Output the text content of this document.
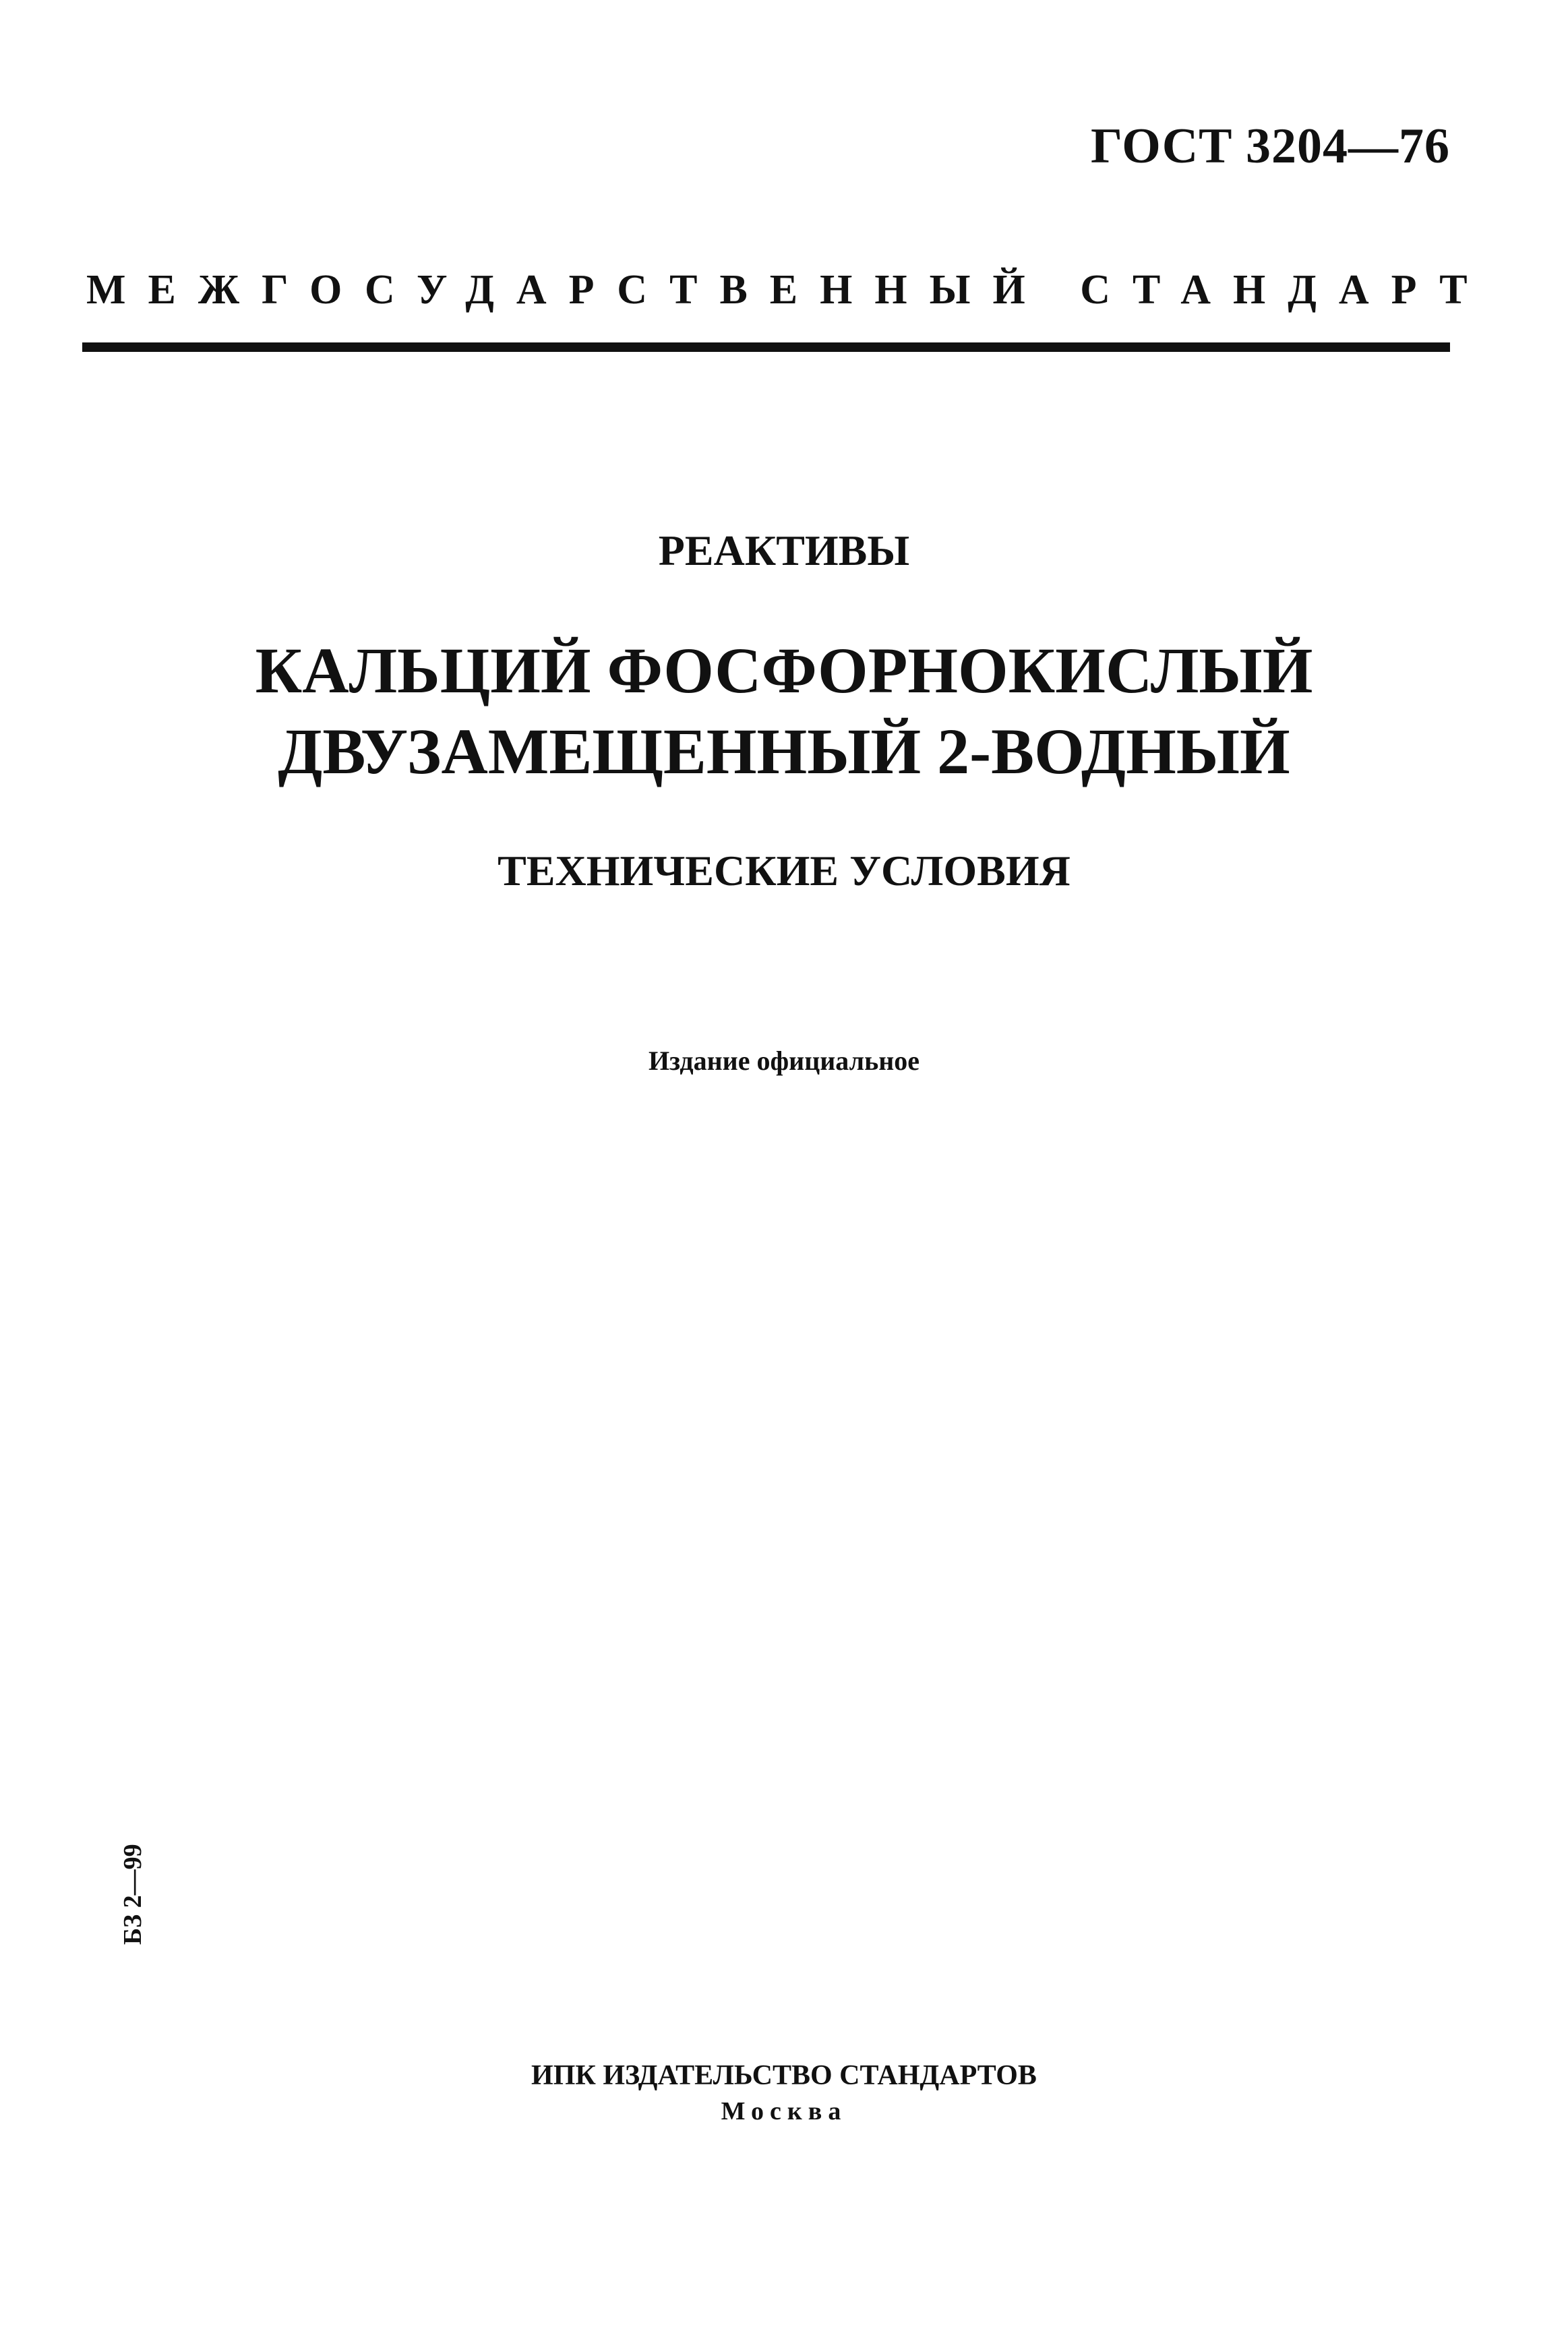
ГОСТ 3204—76
МЕЖГОСУДАРСТВЕННЫЙ СТАНДАРТ
РЕАКТИВЫ
КАЛЬЦИЙ ФОСФОРНОКИСЛЫЙ
ДВУЗАМЕЩЕННЫЙ 2-ВОДНЫЙ
ТЕХНИЧЕСКИЕ УСЛОВИЯ
Издание официальное
БЗ 2—99
ИПК ИЗДАТЕЛЬСТВО СТАНДАРТОВ
Москва
